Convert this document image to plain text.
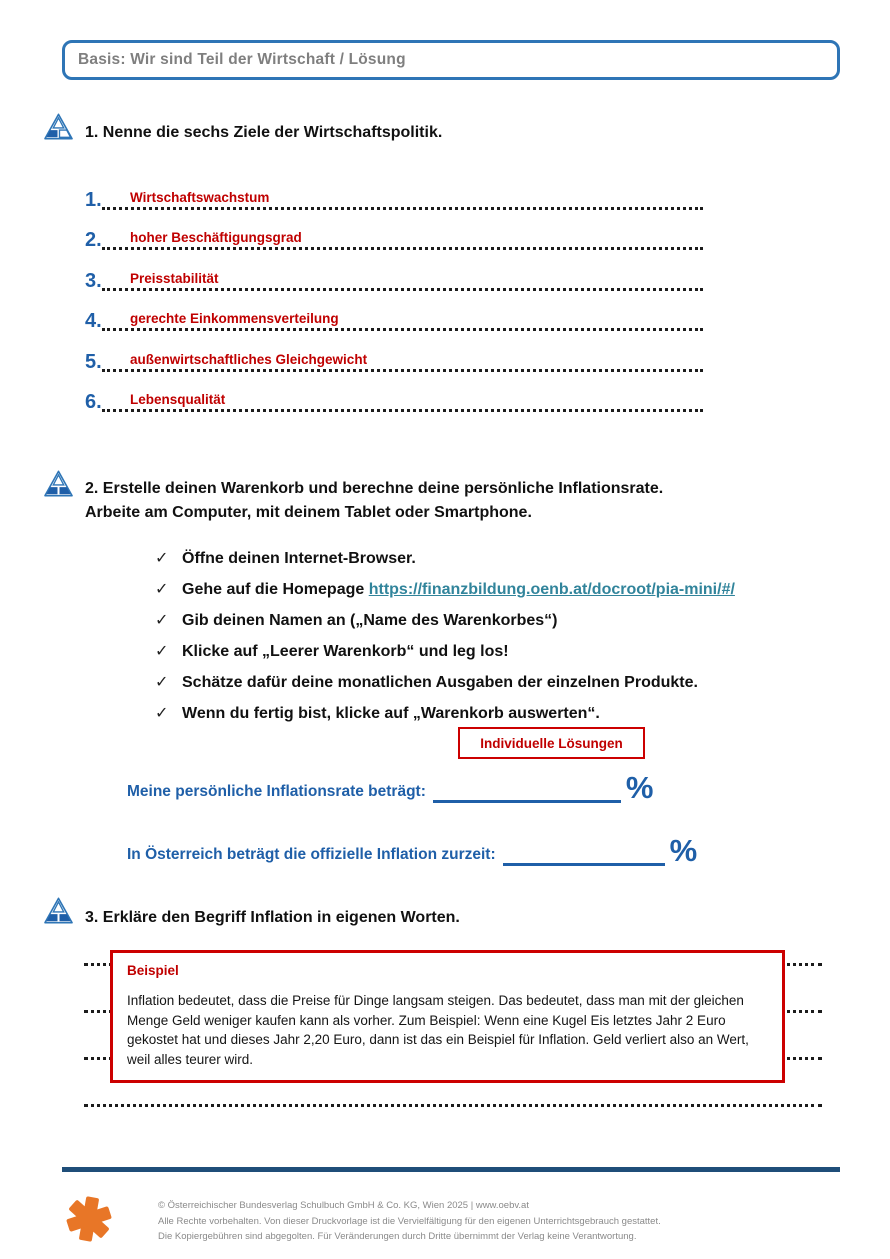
Basis: Wir sind Teil der Wirtschaft / Lösung
1. Nenne die sechs Ziele der Wirtschaftspolitik.
1. Wirtschaftswachstum
2. hoher Beschäftigungsgrad
3. Preisstabilität
4. gerechte Einkommensverteilung
5. außenwirtschaftliches Gleichgewicht
6. Lebensqualität
2. Erstelle deinen Warenkorb und berechne deine persönliche Inflationsrate.
Arbeite am Computer, mit deinem Tablet oder Smartphone.
✓ Öffne deinen Internet-Browser.
✓ Gehe auf die Homepage https://finanzbildung.oenb.at/docroot/pia-mini/#/
✓ Gib deinen Namen an („Name des Warenkorbes“)
✓ Klicke auf „Leerer Warenkorb“ und leg los!
✓ Schätze dafür deine monatlichen Ausgaben der einzelnen Produkte.
✓ Wenn du fertig bist, klicke auf „Warenkorb auswerten“.
Individuelle Lösungen
Meine persönliche Inflationsrate beträgt:	%
In Österreich beträgt die offizielle Inflation zurzeit:	%
3. Erkläre den Begriff Inflation in eigenen Worten.
Beispiel
Inflation bedeutet, dass die Preise für Dinge langsam steigen. Das bedeutet, dass man mit der gleichen Menge Geld weniger kaufen kann als vorher. Zum Beispiel: Wenn eine Kugel Eis letztes Jahr 2 Euro gekostet hat und dieses Jahr 2,20 Euro, dann ist das ein Beispiel für Inflation. Geld verliert also an Wert, weil alles teurer wird.
© Österreichischer Bundesverlag Schulbuch GmbH & Co. KG, Wien 2025 | www.oebv.at
Alle Rechte vorbehalten. Von dieser Druckvorlage ist die Vervielfältigung für den eigenen Unterrichtsgebrauch gestattet.
Die Kopiergebühren sind abgegolten. Für Veränderungen durch Dritte übernimmt der Verlag keine Verantwortung.
